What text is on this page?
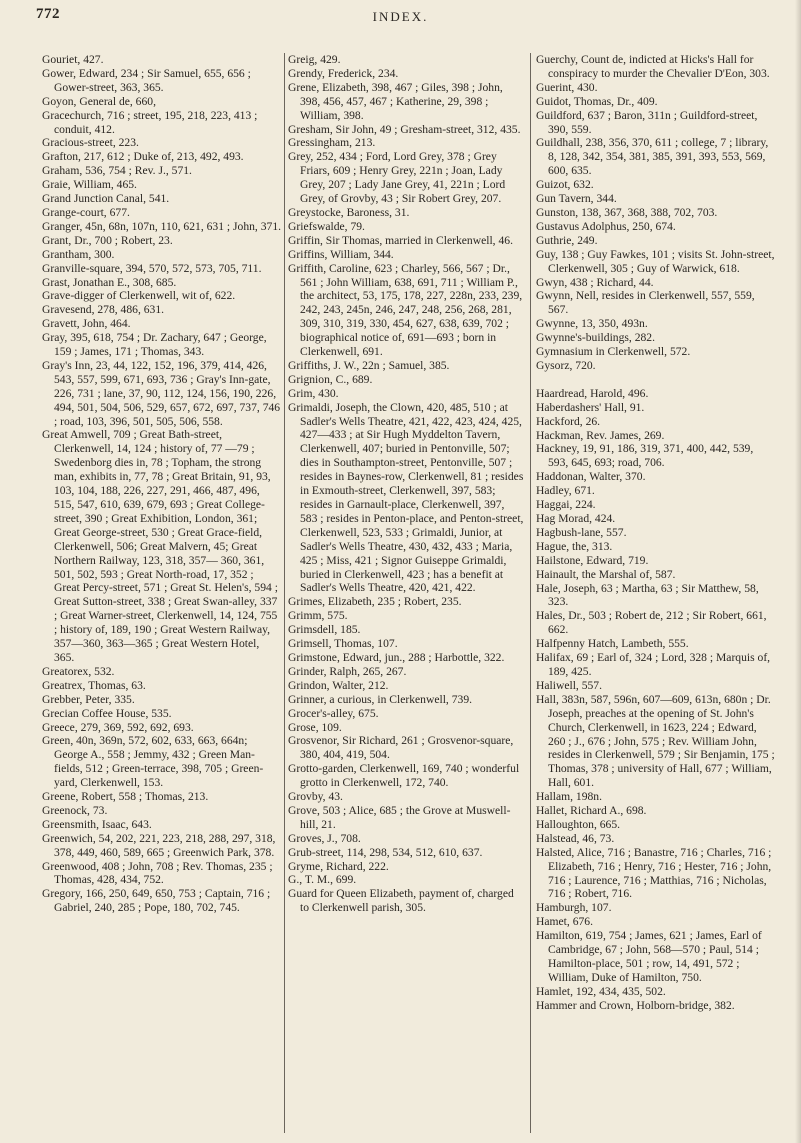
772	INDEX.

Gouriet, 427.

Gower, Edward, 234 ; Sir Samuel, 655, 656 ; Gower-street, 363, 365.

Goyon, General de, 660,

Gracechurch, 716 ; street, 195, 218, 223, 413 ; conduit, 412.

Gracious-street, 223.

Grafton, 217, 612 ; Duke of, 213, 492, 493.

Graham, 536, 754 ; Rev. J., 571.

Graie, William, 465.

Grand Junction Canal, 541.

Grange-court, 677.

Granger, 45n, 68n, 107n, 110, 621, 631 ; John, 371.

Grant, Dr., 700 ; Robert, 23.

Grantham, 300.

Granville-square, 394, 570, 572, 573, 705, 711.

Grast, Jonathan E., 308, 685.

Grave-digger of Clerkenwell, wit of, 622.

Gravesend, 278, 486, 631.

Gravett, John, 464.

Gray, 395, 618, 754 ; Dr. Zachary, 647 ; George, 159 ; James, 171 ; Thomas, 343.

Gray's Inn, 23, 44, 122, 152, 196, 379, 414, 426, 543, 557, 599, 671, 693, 736 ; Gray's Inn-gate, 226, 731 ; lane, 37, 90, 112, 124, 156, 190, 226, 494, 501, 504, 506, 529, 657, 672, 697, 737, 746 ; road, 103, 396, 501, 505, 506, 558.

Great Amwell, 709 ; Great Bath-street, Clerkenwell, 14, 124 ; history of, 77 —79 ; Swedenborg dies in, 78 ; Topham, the strong man, exhibits in, 77, 78 ; Great Britain, 91, 93, 103, 104, 188, 226, 227, 291, 466, 487, 496, 515, 547, 610, 639, 679, 693 ; Great College-street, 390 ; Great Exhibition, London, 361; Great George-street, 530 ; Great Grace-field, Clerkenwell, 506; Great Malvern, 45; Great Northern Railway, 123, 318, 357— 360, 361, 501, 502, 593 ; Great North-road, 17, 352 ; Great Percy-street, 571 ; Great St. Helen's, 594 ; Great Sutton-street, 338 ; Great Swan-alley, 337 ; Great Warner-street, Clerkenwell, 14, 124, 755 ; history of, 189, 190 ; Great Western Railway, 357—360, 363—365 ; Great Western Hotel, 365.

Greatorex, 532.

Greatrex, Thomas, 63.

Grebber, Peter, 335.

Grecian Coffee House, 535.

Greece, 279, 369, 592, 692, 693.

Green, 40n, 369n, 572, 602, 633, 663, 664n; George A., 558 ; Jemmy, 432 ; Green Man-fields, 512 ; Green-terrace, 398, 705 ; Green-yard, Clerkenwell, 153.

Greene, Robert, 558 ; Thomas, 213.

Greenock, 73.

Greensmith, Isaac, 643.

Greenwich, 54, 202, 221, 223, 218, 288, 297, 318, 378, 449, 460, 589, 665 ; Greenwich Park, 378.

Greenwood, 408 ; John, 708 ; Rev. Thomas, 235 ; Thomas, 428, 434, 752.

Gregory, 166, 250, 649, 650, 753 ; Captain, 716 ; Gabriel, 240, 285 ; Pope, 180, 702, 745.

Greig, 429.

Grendy, Frederick, 234.

Grene, Elizabeth, 398, 467 ; Giles, 398 ; John, 398, 456, 457, 467 ; Katherine, 29, 398 ; William, 398.

Gresham, Sir John, 49 ; Gresham-street, 312, 435.

Gressingham, 213.

Grey, 252, 434 ; Ford, Lord Grey, 378 ; Grey Friars, 609 ; Henry Grey, 221n ; Joan, Lady Grey, 207 ; Lady Jane Grey, 41, 221n ; Lord Grey, of Grovby, 43 ; Sir Robert Grey, 207.

Greystocke, Baroness, 31.

Griefswalde, 79.

Griffin, Sir Thomas, married in Clerkenwell, 46.

Griffins, William, 344.

Griffith, Caroline, 623 ; Charley, 566, 567 ; Dr., 561 ; John William, 638, 691, 711 ; William P., the architect, 53, 175, 178, 227, 228n, 233, 239, 242, 243, 245n, 246, 247, 248, 256, 268, 281, 309, 310, 319, 330, 454, 627, 638, 639, 702 ; biographical notice of, 691—693 ; born in Clerkenwell, 691.

Griffiths, J. W., 22n ; Samuel, 385.

Grignion, C., 689.

Grim, 430.

Grimaldi, Joseph, the Clown, 420, 485, 510 ; at Sadler's Wells Theatre, 421, 422, 423, 424, 425, 427—433 ; at Sir Hugh Myddelton Tavern, Clerkenwell, 407; buried in Pentonville, 507; dies in Southampton-street, Pentonville, 507 ; resides in Baynes-row, Clerkenwell, 81 ; resides in Exmouth-street, Clerkenwell, 397, 583; resides in Garnault-place, Clerkenwell, 397, 583 ; resides in Penton-place, and Penton-street, Clerkenwell, 523, 533 ; Grimaldi, Junior, at Sadler's Wells Theatre, 430, 432, 433 ; Maria, 425 ; Miss, 421 ; Signor Guiseppe Grimaldi, buried in Clerkenwell, 423 ; has a benefit at Sadler's Wells Theatre, 420, 421, 422.

Grimes, Elizabeth, 235 ; Robert, 235.

Grimm, 575.

Grimsdell, 185.

Grimsell, Thomas, 107.

Grimstone, Edward, jun., 288 ; Harbottle, 322.

Grinder, Ralph, 265, 267.

Grindon, Walter, 212.

Grinner, a curious, in Clerkenwell, 739.

Grocer's-alley, 675.

Grose, 109.

Grosvenor, Sir Richard, 261 ; Grosvenor-square, 380, 404, 419, 504.

Grotto-garden, Clerkenwell, 169, 740 ; wonderful grotto in Clerkenwell, 172, 740.

Grovby, 43.

Grove, 503 ; Alice, 685 ; the Grove at Muswell-hill, 21.

Groves, J., 708.

Grub-street, 114, 298, 534, 512, 610, 637.

Gryme, Richard, 222.

G., T. M., 699.

Guard for Queen Elizabeth, payment of, charged to Clerkenwell parish, 305.

Guerchy, Count de, indicted at Hicks's Hall for conspiracy to murder the Chevalier D'Eon, 303.

Guerint, 430.

Guidot, Thomas, Dr., 409.

Guildford, 637 ; Baron, 311n ; Guildford-street, 390, 559.

Guildhall, 238, 356, 370, 611 ; college, 7 ; library, 8, 128, 342, 354, 381, 385, 391, 393, 553, 569, 600, 635.

Guizot, 632.

Gun Tavern, 344.

Gunston, 138, 367, 368, 388, 702, 703.

Gustavus Adolphus, 250, 674.

Guthrie, 249.

Guy, 138 ; Guy Fawkes, 101 ; visits St. John-street, Clerkenwell, 305 ; Guy of Warwick, 618.

Gwyn, 438 ; Richard, 44.

Gwynn, Nell, resides in Clerkenwell, 557, 559, 567.

Gwynne, 13, 350, 493n.

Gwynne's-buildings, 282.

Gymnasium in Clerkenwell, 572.

Gysorz, 720.

Haardread, Harold, 496.

Haberdashers' Hall, 91.

Hackford, 26.

Hackman, Rev. James, 269.

Hackney, 19, 91, 186, 319, 371, 400, 442, 539, 593, 645, 693; road, 706.

Haddonan, Walter, 370.

Hadley, 671.

Haggai, 224.

Hag Morad, 424.

Hagbush-lane, 557.

Hague, the, 313.

Hailstone, Edward, 719.

Hainault, the Marshal of, 587.

Hale, Joseph, 63 ; Martha, 63 ; Sir Matthew, 58, 323.

Hales, Dr., 503 ; Robert de, 212 ; Sir Robert, 661, 662.

Halfpenny Hatch, Lambeth, 555.

Halifax, 69 ; Earl of, 324 ; Lord, 328 ; Marquis of, 189, 425.

Haliwell, 557.

Hall, 383n, 587, 596n, 607—609, 613n, 680n ; Dr. Joseph, preaches at the opening of St. John's Church, Clerkenwell, in 1623, 224 ; Edward, 260 ; J., 676 ; John, 575 ; Rev. William John, resides in Clerkenwell, 579 ; Sir Benjamin, 175 ; Thomas, 378 ; university of Hall, 677 ; William, Hall, 601.

Hallam, 198n.

Hallet, Richard A., 698.

Halloughton, 665.

Halstead, 46, 73.

Halsted, Alice, 716 ; Banastre, 716 ; Charles, 716 ; Elizabeth, 716 ; Henry, 716 ; Hester, 716 ; John, 716 ; Laurence, 716 ; Matthias, 716 ; Nicholas, 716 ; Robert, 716.

Hamburgh, 107.

Hamet, 676.

Hamilton, 619, 754 ; James, 621 ; James, Earl of Cambridge, 67 ; John, 568—570 ; Paul, 514 ; Hamilton-place, 501 ; row, 14, 491, 572 ; William, Duke of Hamilton, 750.

Hamlet, 192, 434, 435, 502.

Hammer and Crown, Holborn-bridge, 382.
